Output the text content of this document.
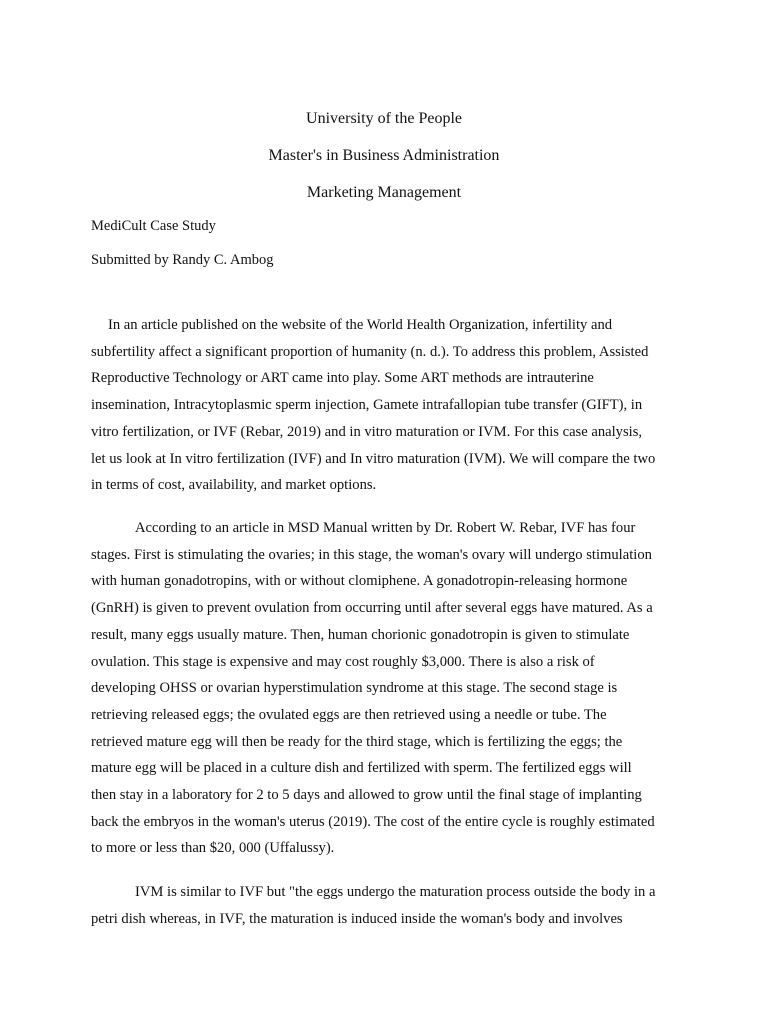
University of the People
Master's in Business Administration
Marketing Management

MediCult Case Study

Submitted by Randy C. Ambog

In an article published on the website of the World Health Organization, infertility and
subfertility affect a significant proportion of humanity (n. d.). To address this problem, Assisted
Reproductive Technology or ART came into play. Some ART methods are intrauterine
insemination, Intracytoplasmic sperm injection, Gamete intrafallopian tube transfer (GIFT), in
vitro fertilization, or IVF (Rebar, 2019) and in vitro maturation or IVM. For this case analysis,
let us look at In vitro fertilization (IVF) and In vitro maturation (IVM). We will compare the two
in terms of cost, availability, and market options.
According to an article in MSD Manual written by Dr. Robert W. Rebar, IVF has four
stages. First is stimulating the ovaries; in this stage, the woman's ovary will undergo stimulation
with human gonadotropins, with or without clomiphene. A gonadotropin-releasing hormone
(GnRH) is given to prevent ovulation from occurring until after several eggs have matured. As a
result, many eggs usually mature. Then, human chorionic gonadotropin is given to stimulate
ovulation. This stage is expensive and may cost roughly $3,000. There is also a risk of
developing OHSS or ovarian hyperstimulation syndrome at this stage. The second stage is
retrieving released eggs; the ovulated eggs are then retrieved using a needle or tube. The
retrieved mature egg will then be ready for the third stage, which is fertilizing the eggs; the
mature egg will be placed in a culture dish and fertilized with sperm. The fertilized eggs will
then stay in a laboratory for 2 to 5 days and allowed to grow until the final stage of implanting
back the embryos in the woman's uterus (2019). The cost of the entire cycle is roughly estimated
to more or less than $20, 000 (Uffalussy).
IVM is similar to IVF but "the eggs undergo the maturation process outside the body in a
petri dish whereas, in IVF, the maturation is induced inside the woman's body and involves
